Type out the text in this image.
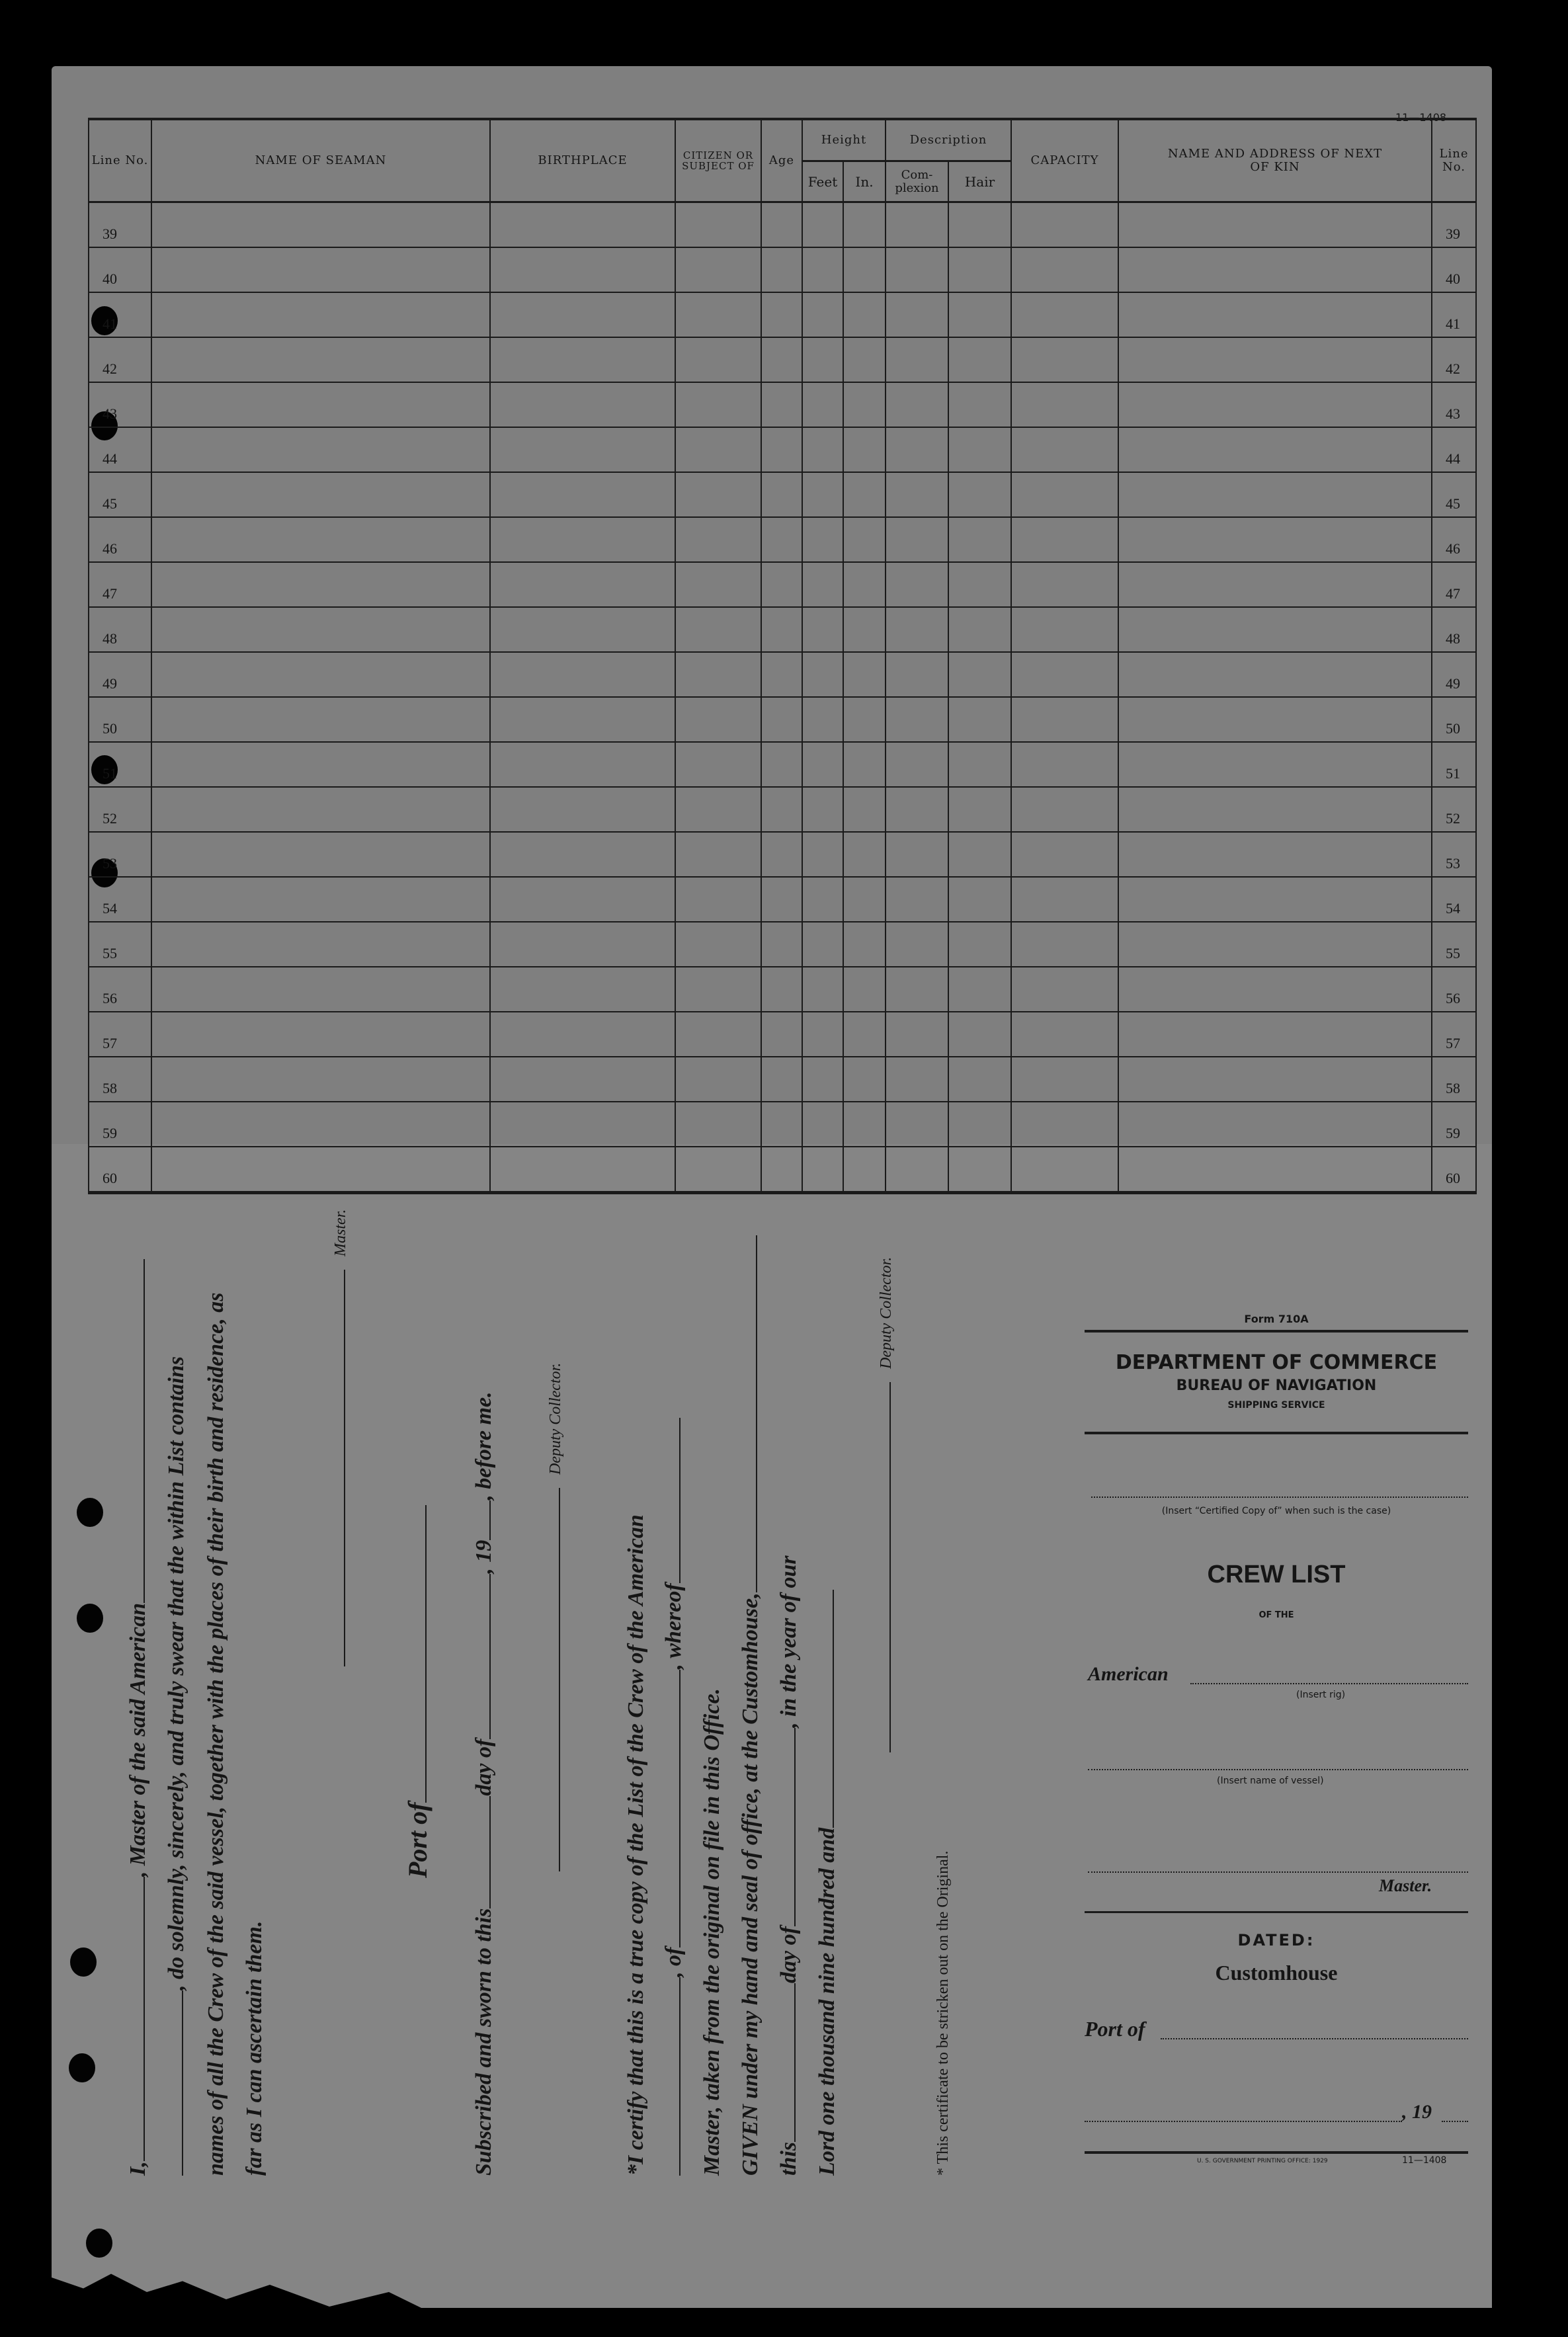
11—1408
Line No.	NAME OF SEAMAN	BIRTHPLACE	CITIZEN OR SUBJECT OF	Age	Height		Description		CAPACITY	NAME AND ADDRESS OF NEXT OF KIN	Line No.
					Feet	In.	Com-plexion	Hair			
39											39
40											40
41											41
42											42
43											43
44											44
45											45
46											46
47											47
48											48
49											49
50											50
51											51
52											52
53											53
54											54
55											55
56											56
57											57
58											58
59											59
60											60
I,, Master of the said American , do solemnly, sincerely, and truly swear that the within List contains names of all the Crew of the said vessel, together with the places of their birth and residence, as far as I can ascertain them.
Master.
Port of
Subscribed and sworn to thisday of, 19, before me.	Deputy Collector.
*I certify that this is a true copy of the List of the Crew of the American , of, whereof
Master, taken from the original on file in this Office. GIVEN under my hand and seal of office, at the Customhouse, thisday of, in the year of our
Lord one thousand nine hundred and
Deputy Collector.
* This certificate to be stricken out on the Original.
Form 710A
DEPARTMENT OF COMMERCE
BUREAU OF NAVIGATION
SHIPPING SERVICE
(Insert “Certified Copy of” when such is the case)
CREW LIST
OF THE
American
(Insert rig)
(Insert name of vessel)
Master.
DATED:
Customhouse
Port of
, 19
U. S. GOVERNMENT PRINTING OFFICE: 1929	11—1408
